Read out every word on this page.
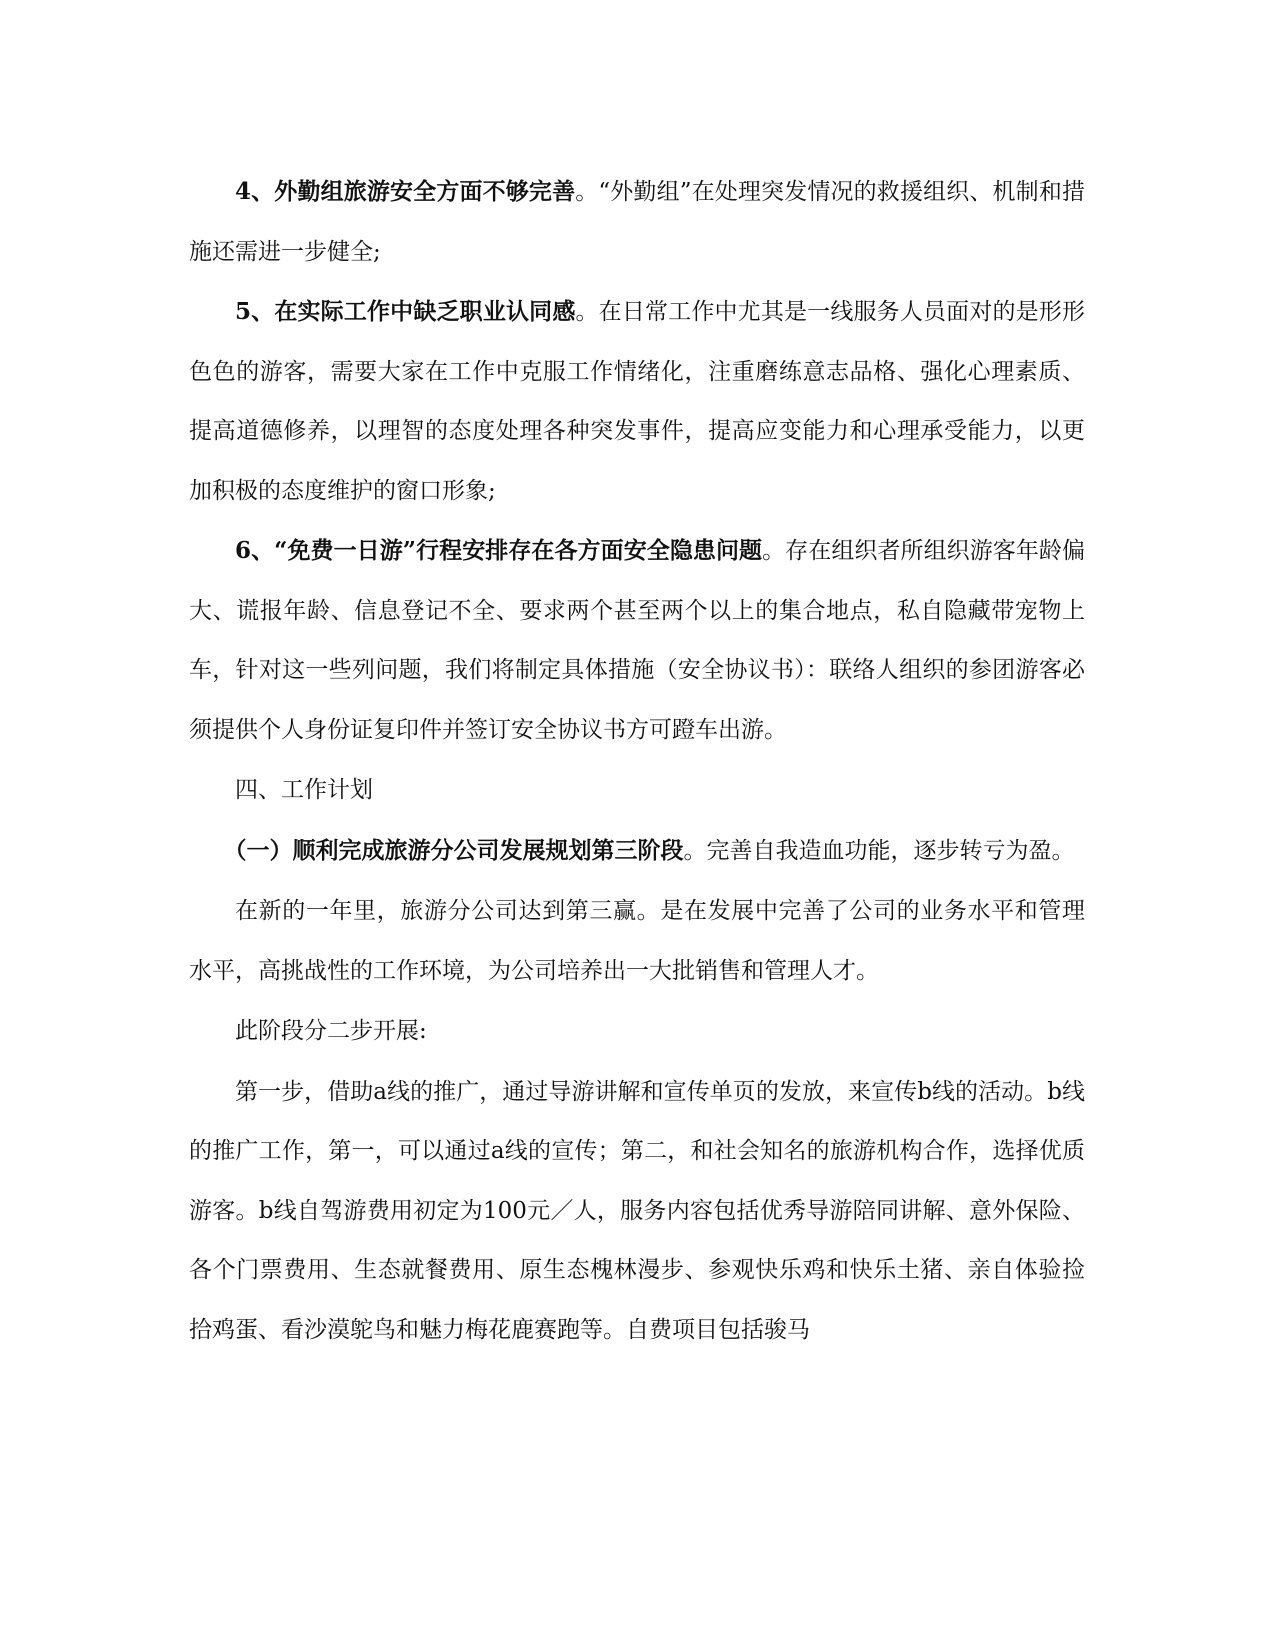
4、外勤组旅游安全方面不够完善。“外勤组”在处理突发情况的救援组织、机制和措施还需进一步健全;

5、在实际工作中缺乏职业认同感。在日常工作中尤其是一线服务人员面对的是形形色色的游客，需要大家在工作中克服工作情绪化，注重磨练意志品格、强化心理素质、提高道德修养，以理智的态度处理各种突发事件，提高应变能力和心理承受能力，以更加积极的态度维护的窗口形象;

6、“免费一日游”行程安排存在各方面安全隐患问题。存在组织者所组织游客年龄偏大、谎报年龄、信息登记不全、要求两个甚至两个以上的集合地点，私自隐藏带宠物上车，针对这一些列问题，我们将制定具体措施（安全协议书）：联络人组织的参团游客必须提供个人身份证复印件并签订安全协议书方可蹬车出游。

四、工作计划

（一）顺利完成旅游分公司发展规划第三阶段。完善自我造血功能，逐步转亏为盈。

在新的一年里，旅游分公司达到第三赢。是在发展中完善了公司的业务水平和管理水平，高挑战性的工作环境，为公司培养出一大批销售和管理人才。

此阶段分二步开展:

第一步，借助a线的推广，通过导游讲解和宣传单页的发放，来宣传b线的活动。b线的推广工作，第一，可以通过a线的宣传；第二，和社会知名的旅游机构合作，选择优质游客。b线自驾游费用初定为100元／人，服务内容包括优秀导游陪同讲解、意外保险、各个门票费用、生态就餐费用、原生态槐林漫步、参观快乐鸡和快乐土猪、亲自体验捡拾鸡蛋、看沙漠鸵鸟和魅力梅花鹿赛跑等。自费项目包括骏马
